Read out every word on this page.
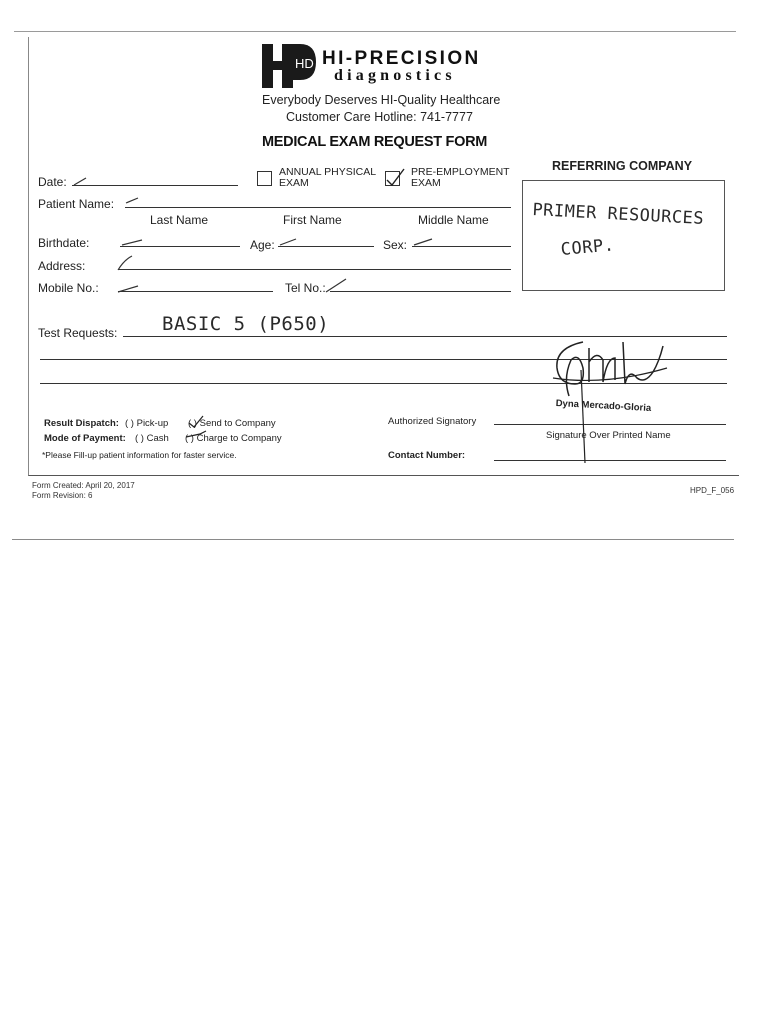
HD HI-PRECISION
diagnostics
Everybody Deserves HI-Quality Healthcare
Customer Care Hotline: 741-7777
MEDICAL EXAM REQUEST FORM
Date:
ANNUAL PHYSICAL
EXAM
PRE-EMPLOYMENT
EXAM
REFERRING COMPANY
PRIMER RESOURCES
CORP.
Patient Name:
Last Name	First Name	Middle Name
Birthdate:	Age:	Sex:
Address:
Mobile No.:	Tel No.:
Test Requests: BASIC 5 (P650)
Result Dispatch: ( ) Pick-up ( ) Send to Company
Mode of Payment: ( ) Cash ( ) Charge to Company
*Please Fill-up patient information for faster service.
Authorized Signatory
Dyna Mercado-Gloria
Signature Over Printed Name
Contact Number:
Form Created: April 20, 2017
Form Revision: 6
HPD_F_056
